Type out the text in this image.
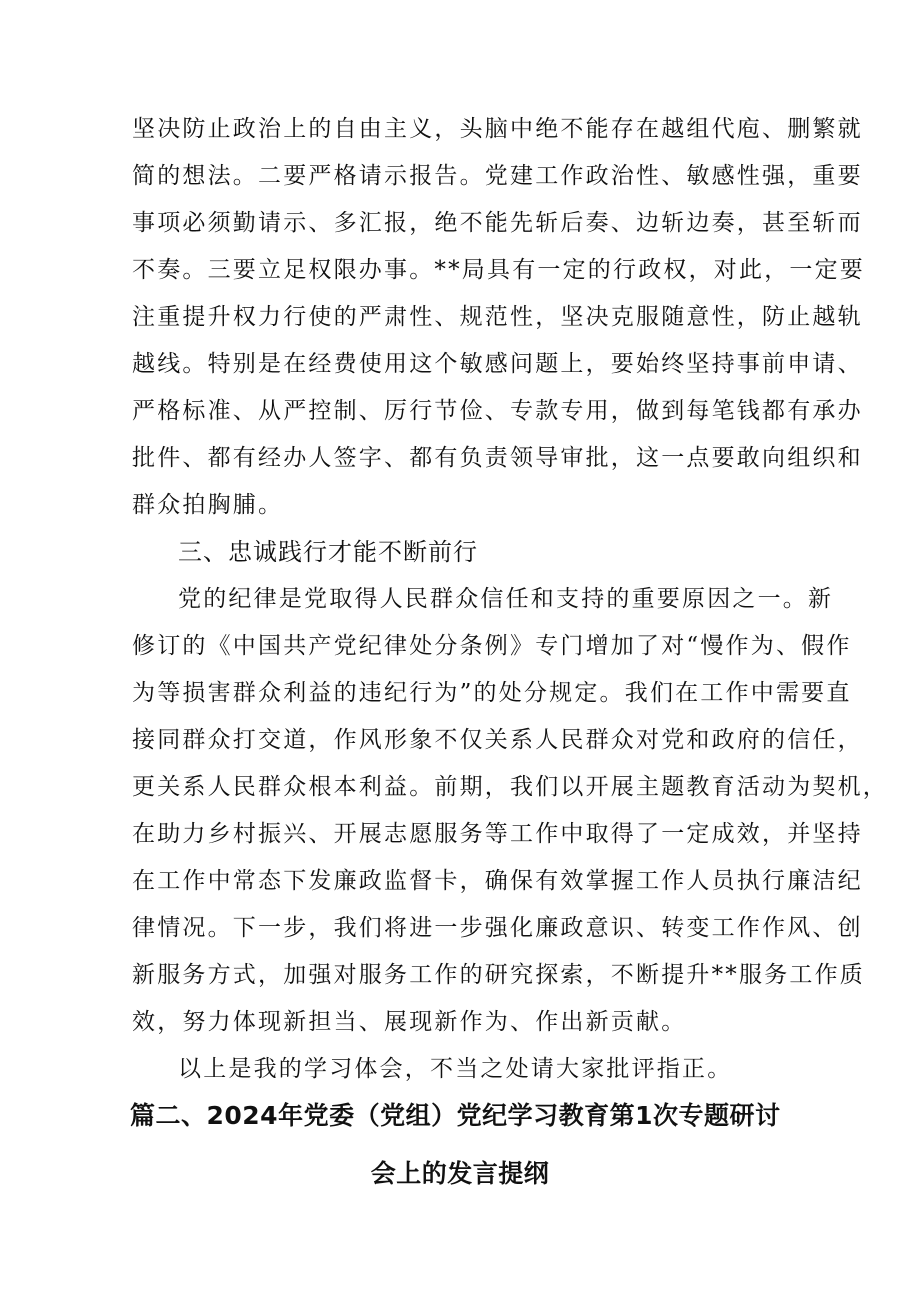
坚决防止政治上的自由主义，头脑中绝不能存在越组代庖、删繁就
简的想法。二要严格请示报告。党建工作政治性、敏感性强，重要
事项必须勤请示、多汇报，绝不能先斩后奏、边斩边奏，甚至斩而
不奏。三要立足权限办事。**局具有一定的行政权，对此，一定要
注重提升权力行使的严肃性、规范性，坚决克服随意性，防止越轨
越线。特别是在经费使用这个敏感问题上，要始终坚持事前申请、
严格标准、从严控制、厉行节俭、专款专用，做到每笔钱都有承办
批件、都有经办人签字、都有负责领导审批，这一点要敢向组织和
群众拍胸脯。
三、忠诚践行才能不断前行
党的纪律是党取得人民群众信任和支持的重要原因之一。新
修订的《中国共产党纪律处分条例》专门增加了对“慢作为、假作
为等损害群众利益的违纪行为”的处分规定。我们在工作中需要直
接同群众打交道，作风形象不仅关系人民群众对党和政府的信任，
更关系人民群众根本利益。前期，我们以开展主题教育活动为契机，
在助力乡村振兴、开展志愿服务等工作中取得了一定成效，并坚持
在工作中常态下发廉政监督卡，确保有效掌握工作人员执行廉洁纪
律情况。下一步，我们将进一步强化廉政意识、转变工作作风、创
新服务方式，加强对服务工作的研究探索，不断提升**服务工作质
效，努力体现新担当、展现新作为、作出新贡献。
以上是我的学习体会，不当之处请大家批评指正。
篇二、2024年党委（党组）党纪学习教育第1次专题研讨
会上的发言提纲
